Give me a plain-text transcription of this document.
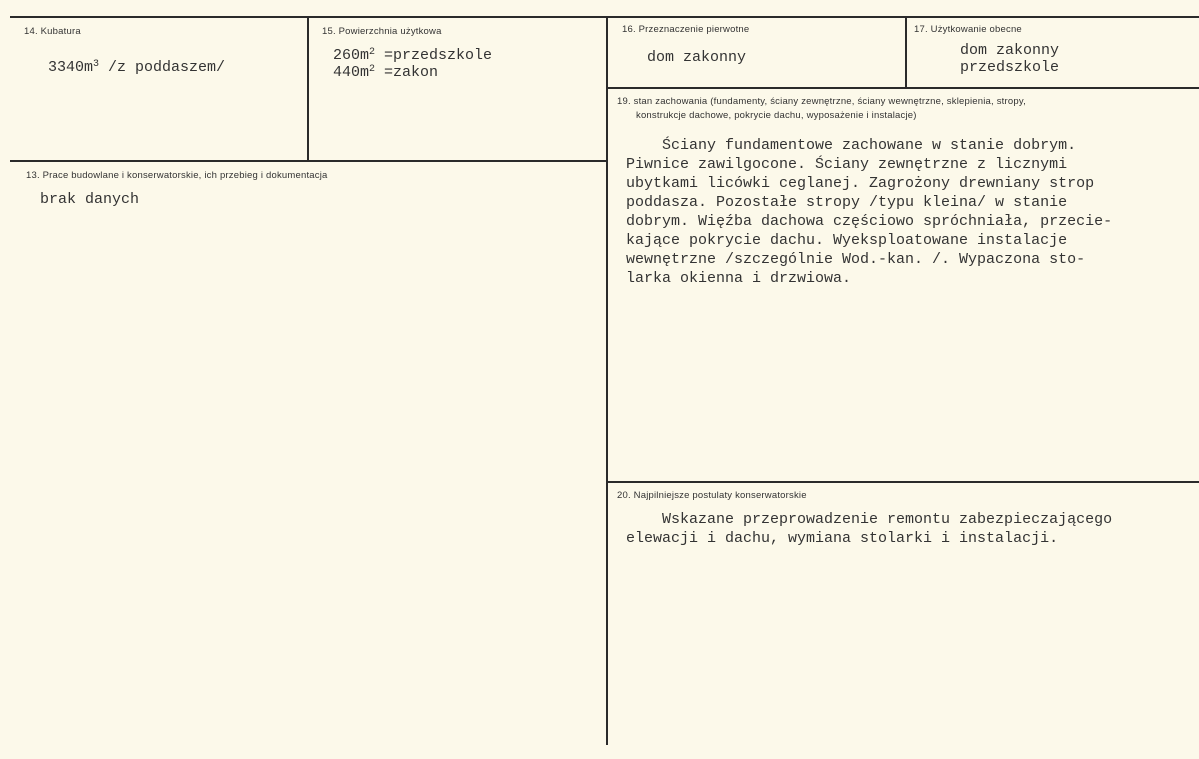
14. Kubatura
$3340m^3$ /z poddaszem/
15. Powierzchnia użytkowa
$260m^2$ =przedszkole
$440m^2$ =zakon
16. Przeznaczenie pierwotne
dom zakonny
17. Użytkowanie obecne
dom zakonny
przedszkole
13. Prace budowlane i konserwatorskie, ich przebieg i dokumentacja
brak danych
19. stan zachowania (fundamenty, ściany zewnętrzne, ściany wewnętrzne, sklepienia, stropy,
konstrukcje dachowe, pokrycie dachu, wyposażenie i instalacje)
Ściany fundamentowe zachowane w stanie dobrym.
Piwnice zawilgocone. Ściany zewnętrzne z licznymi
ubytkami licówki ceglanej. Zagrożony drewniany strop
poddasza. Pozostałe stropy /typu kleina/ w stanie
dobrym. Więźba dachowa częściowo spróchniała, przecie-
kające pokrycie dachu. Wyeksploatowane instalacje
wewnętrzne /szczególnie Wod.-kan. /. Wypaczona sto-
larka okienna i drzwiowa.
20. Najpilniejsze postulaty konserwatorskie
Wskazane przeprowadzenie remontu zabezpieczającego
elewacji i dachu, wymiana stolarki i instalacji.
